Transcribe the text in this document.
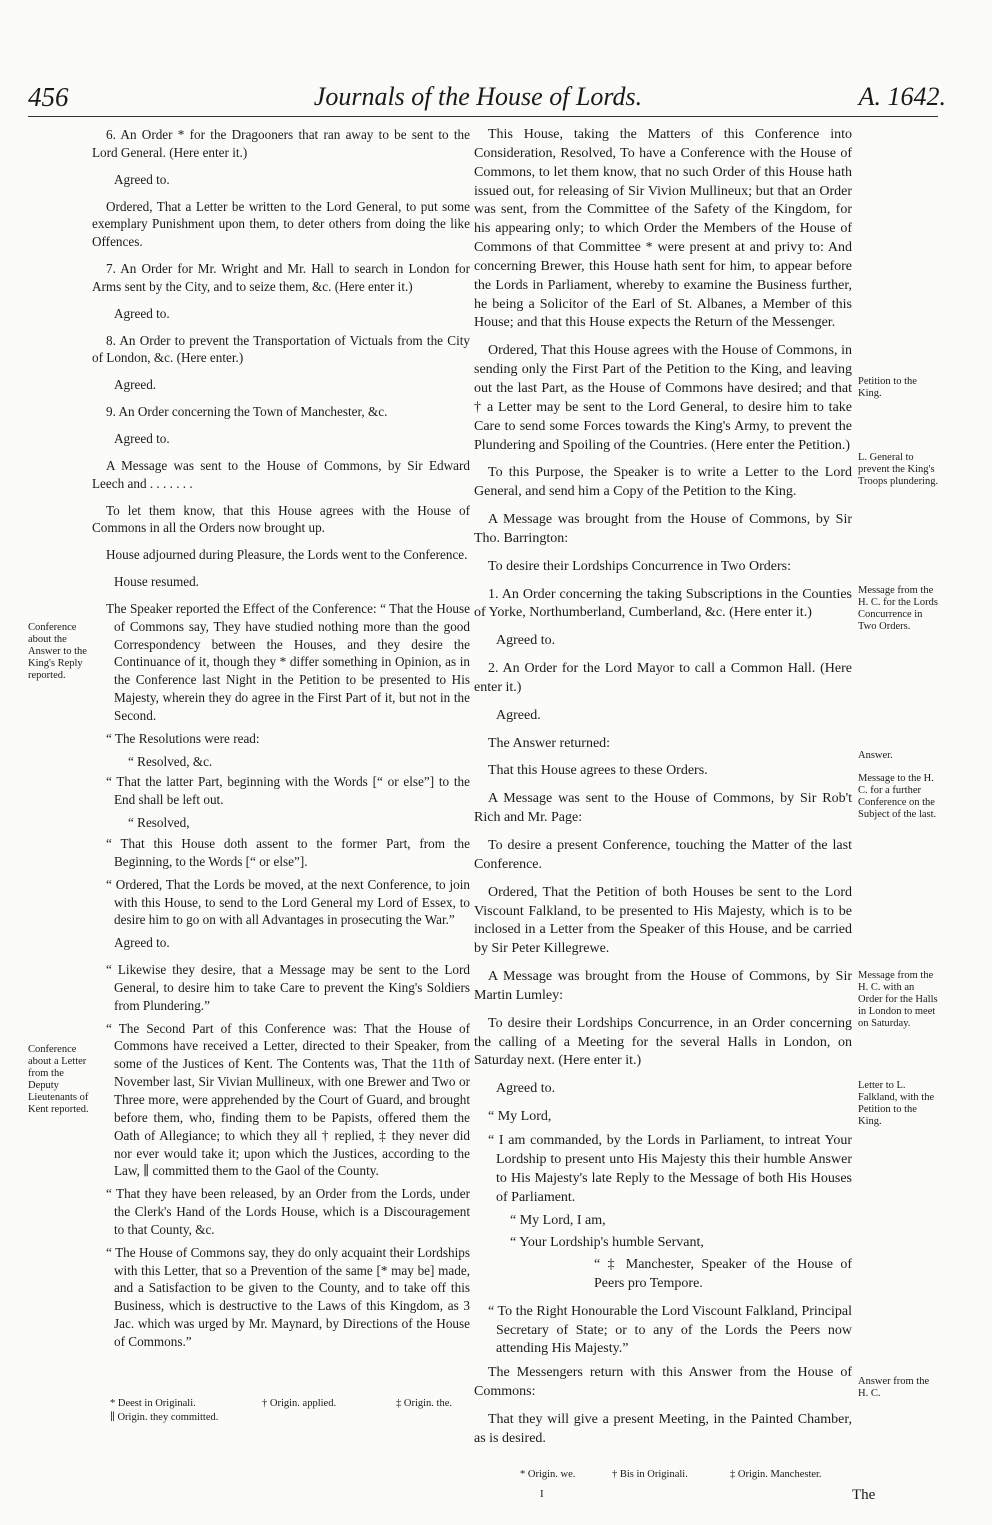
456	Journals of the House of Lords.	A. 1642.

6. An Order * for the Dragooners that ran away to be sent to the Lord General. (Here enter it.)

Agreed to.

Ordered, That a Letter be written to the Lord General, to put some exemplary Punishment upon them, to deter others from doing the like Offences.

7. An Order for Mr. Wright and Mr. Hall to search in London for Arms sent by the City, and to seize them, &c. (Here enter it.)

Agreed to.

8. An Order to prevent the Transportation of Victuals from the City of London, &c. (Here enter.)

Agreed.

9. An Order concerning the Town of Manchester, &c.

Agreed to.

A Message was sent to the House of Commons, by Sir Edward Leech and . . . . . . .

To let them know, that this House agrees with the House of Commons in all the Orders now brought up.

House adjourned during Pleasure, the Lords went to the Conference.

House resumed.

The Speaker reported the Effect of the Conference: “ That the House of Commons say, They have studied nothing more than the good Correspondency between the Houses, and they desire the Continuance of it, though they * differ something in Opinion, as in the Conference last Night in the Petition to be presented to His Majesty, wherein they do agree in the First Part of it, but not in the Second.

“ The Resolutions were read:

“ Resolved, &c.

“ That the latter Part, beginning with the Words [“ or else”] to the End shall be left out.

“ Resolved,

“ That this House doth assent to the former Part, from the Beginning, to the Words [“ or else”].

“ Ordered, That the Lords be moved, at the next Conference, to join with this House, to send to the Lord General my Lord of Essex, to desire him to go on with all Advantages in prosecuting the War.”

Agreed to.

“ Likewise they desire, that a Message may be sent to the Lord General, to desire him to take Care to prevent the King's Soldiers from Plundering.”

“ The Second Part of this Conference was: That the House of Commons have received a Letter, directed to their Speaker, from some of the Justices of Kent. The Contents was, That the 11th of November last, Sir Vivian Mullineux, with one Brewer and Two or Three more, were apprehended by the Court of Guard, and brought before them, who, finding them to be Papists, offered them the Oath of Allegiance; to which they all † replied, ‡ they never did nor ever would take it; upon which the Justices, according to the Law, ∥ committed them to the Gaol of the County.

“ That they have been released, by an Order from the Lords, under the Clerk's Hand of the Lords House, which is a Discouragement to that County, &c.

“ The House of Commons say, they do only acquaint their Lordships with this Letter, that so a Prevention of the same [* may be] made, and a Satisfaction to be given to the County, and to take off this Business, which is destructive to the Laws of this Kingdom, as 3 Jac. which was urged by Mr. Maynard, by Directions of the House of Commons.”

This House, taking the Matters of this Conference into Consideration, Resolved, To have a Conference with the House of Commons, to let them know, that no such Order of this House hath issued out, for releasing of Sir Vivion Mullineux; but that an Order was sent, from the Committee of the Safety of the Kingdom, for his appearing only; to which Order the Members of the House of Commons of that Committee * were present at and privy to: And concerning Brewer, this House hath sent for him, to appear before the Lords in Parliament, whereby to examine the Business further, he being a Solicitor of the Earl of St. Albanes, a Member of this House; and that this House expects the Return of the Messenger.

Ordered, That this House agrees with the House of Commons, in sending only the First Part of the Petition to the King, and leaving out the last Part, as the House of Commons have desired; and that † a Letter may be sent to the Lord General, to desire him to take Care to send some Forces towards the King's Army, to prevent the Plundering and Spoiling of the Countries. (Here enter the Petition.)

To this Purpose, the Speaker is to write a Letter to the Lord General, and send him a Copy of the Petition to the King.

A Message was brought from the House of Commons, by Sir Tho. Barrington:

To desire their Lordships Concurrence in Two Orders:

1. An Order concerning the taking Subscriptions in the Counties of Yorke, Northumberland, Cumberland, &c. (Here enter it.)

Agreed to.

2. An Order for the Lord Mayor to call a Common Hall. (Here enter it.)

Agreed.

The Answer returned:

That this House agrees to these Orders.

A Message was sent to the House of Commons, by Sir Rob't Rich and Mr. Page:

To desire a present Conference, touching the Matter of the last Conference.

Ordered, That the Petition of both Houses be sent to the Lord Viscount Falkland, to be presented to His Majesty, which is to be inclosed in a Letter from the Speaker of this House, and be carried by Sir Peter Killegrewe.

A Message was brought from the House of Commons, by Sir Martin Lumley:

To desire their Lordships Concurrence, in an Order concerning the calling of a Meeting for the several Halls in London, on Saturday next. (Here enter it.)

Agreed to.

“ My Lord,

“ I am commanded, by the Lords in Parliament, to intreat Your Lordship to present unto His Majesty this their humble Answer to His Majesty's late Reply to the Message of both His Houses of Parliament.

“ My Lord, I am,

“ Your Lordship's humble Servant,

“ ‡ Manchester, Speaker of the House of Peers pro Tempore.

“ To the Right Honourable the Lord Viscount Falkland, Principal Secretary of State; or to any of the Lords the Peers now attending His Majesty.”

The Messengers return with this Answer from the House of Commons:

That they will give a present Meeting, in the Painted Chamber, as is desired.

Conference about the Answer to the King's Reply reported.
Conference about a Letter from the Deputy Lieutenants of Kent reported.
Petition to the King.
L. General to prevent the King's Troops plundering.
Message from the H. C. for the Lords Concurrence in Two Orders.
Answer.
Message to the H. C. for a further Conference on the Subject of the last.
Message from the H. C. with an Order for the Halls in London to meet on Saturday.
Letter to L. Falkland, with the Petition to the King.
Answer from the H. C.
* Deest in Originali.	† Origin. applied.	‡ Origin. the.
∥ Origin. they committed.
* Origin. we.	† Bis in Originali.	‡ Origin. Manchester.
I	The
